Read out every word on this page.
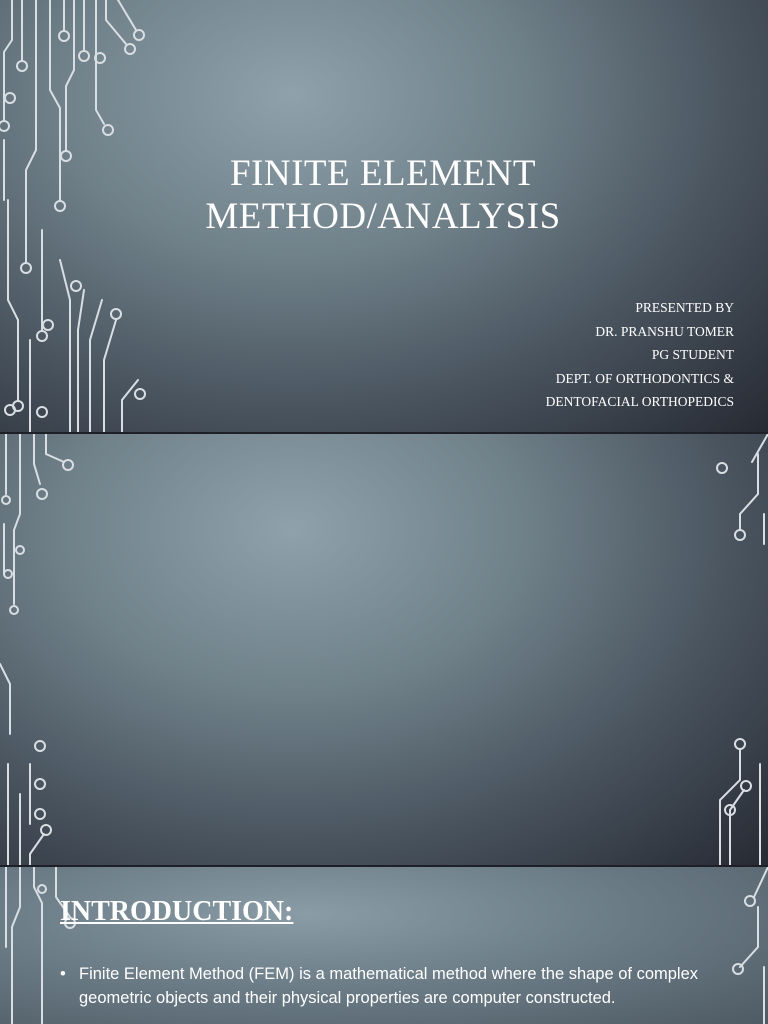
FINITE ELEMENT
METHOD/ANALYSIS
PRESENTED BY
DR. PRANSHU TOMER
PG STUDENT
DEPT. OF ORTHODONTICS &
DENTOFACIAL ORTHOPEDICS
INTRODUCTION:
• Finite Element Method (FEM) is a mathematical method where the shape of complex geometric objects and their physical properties are computer constructed.
